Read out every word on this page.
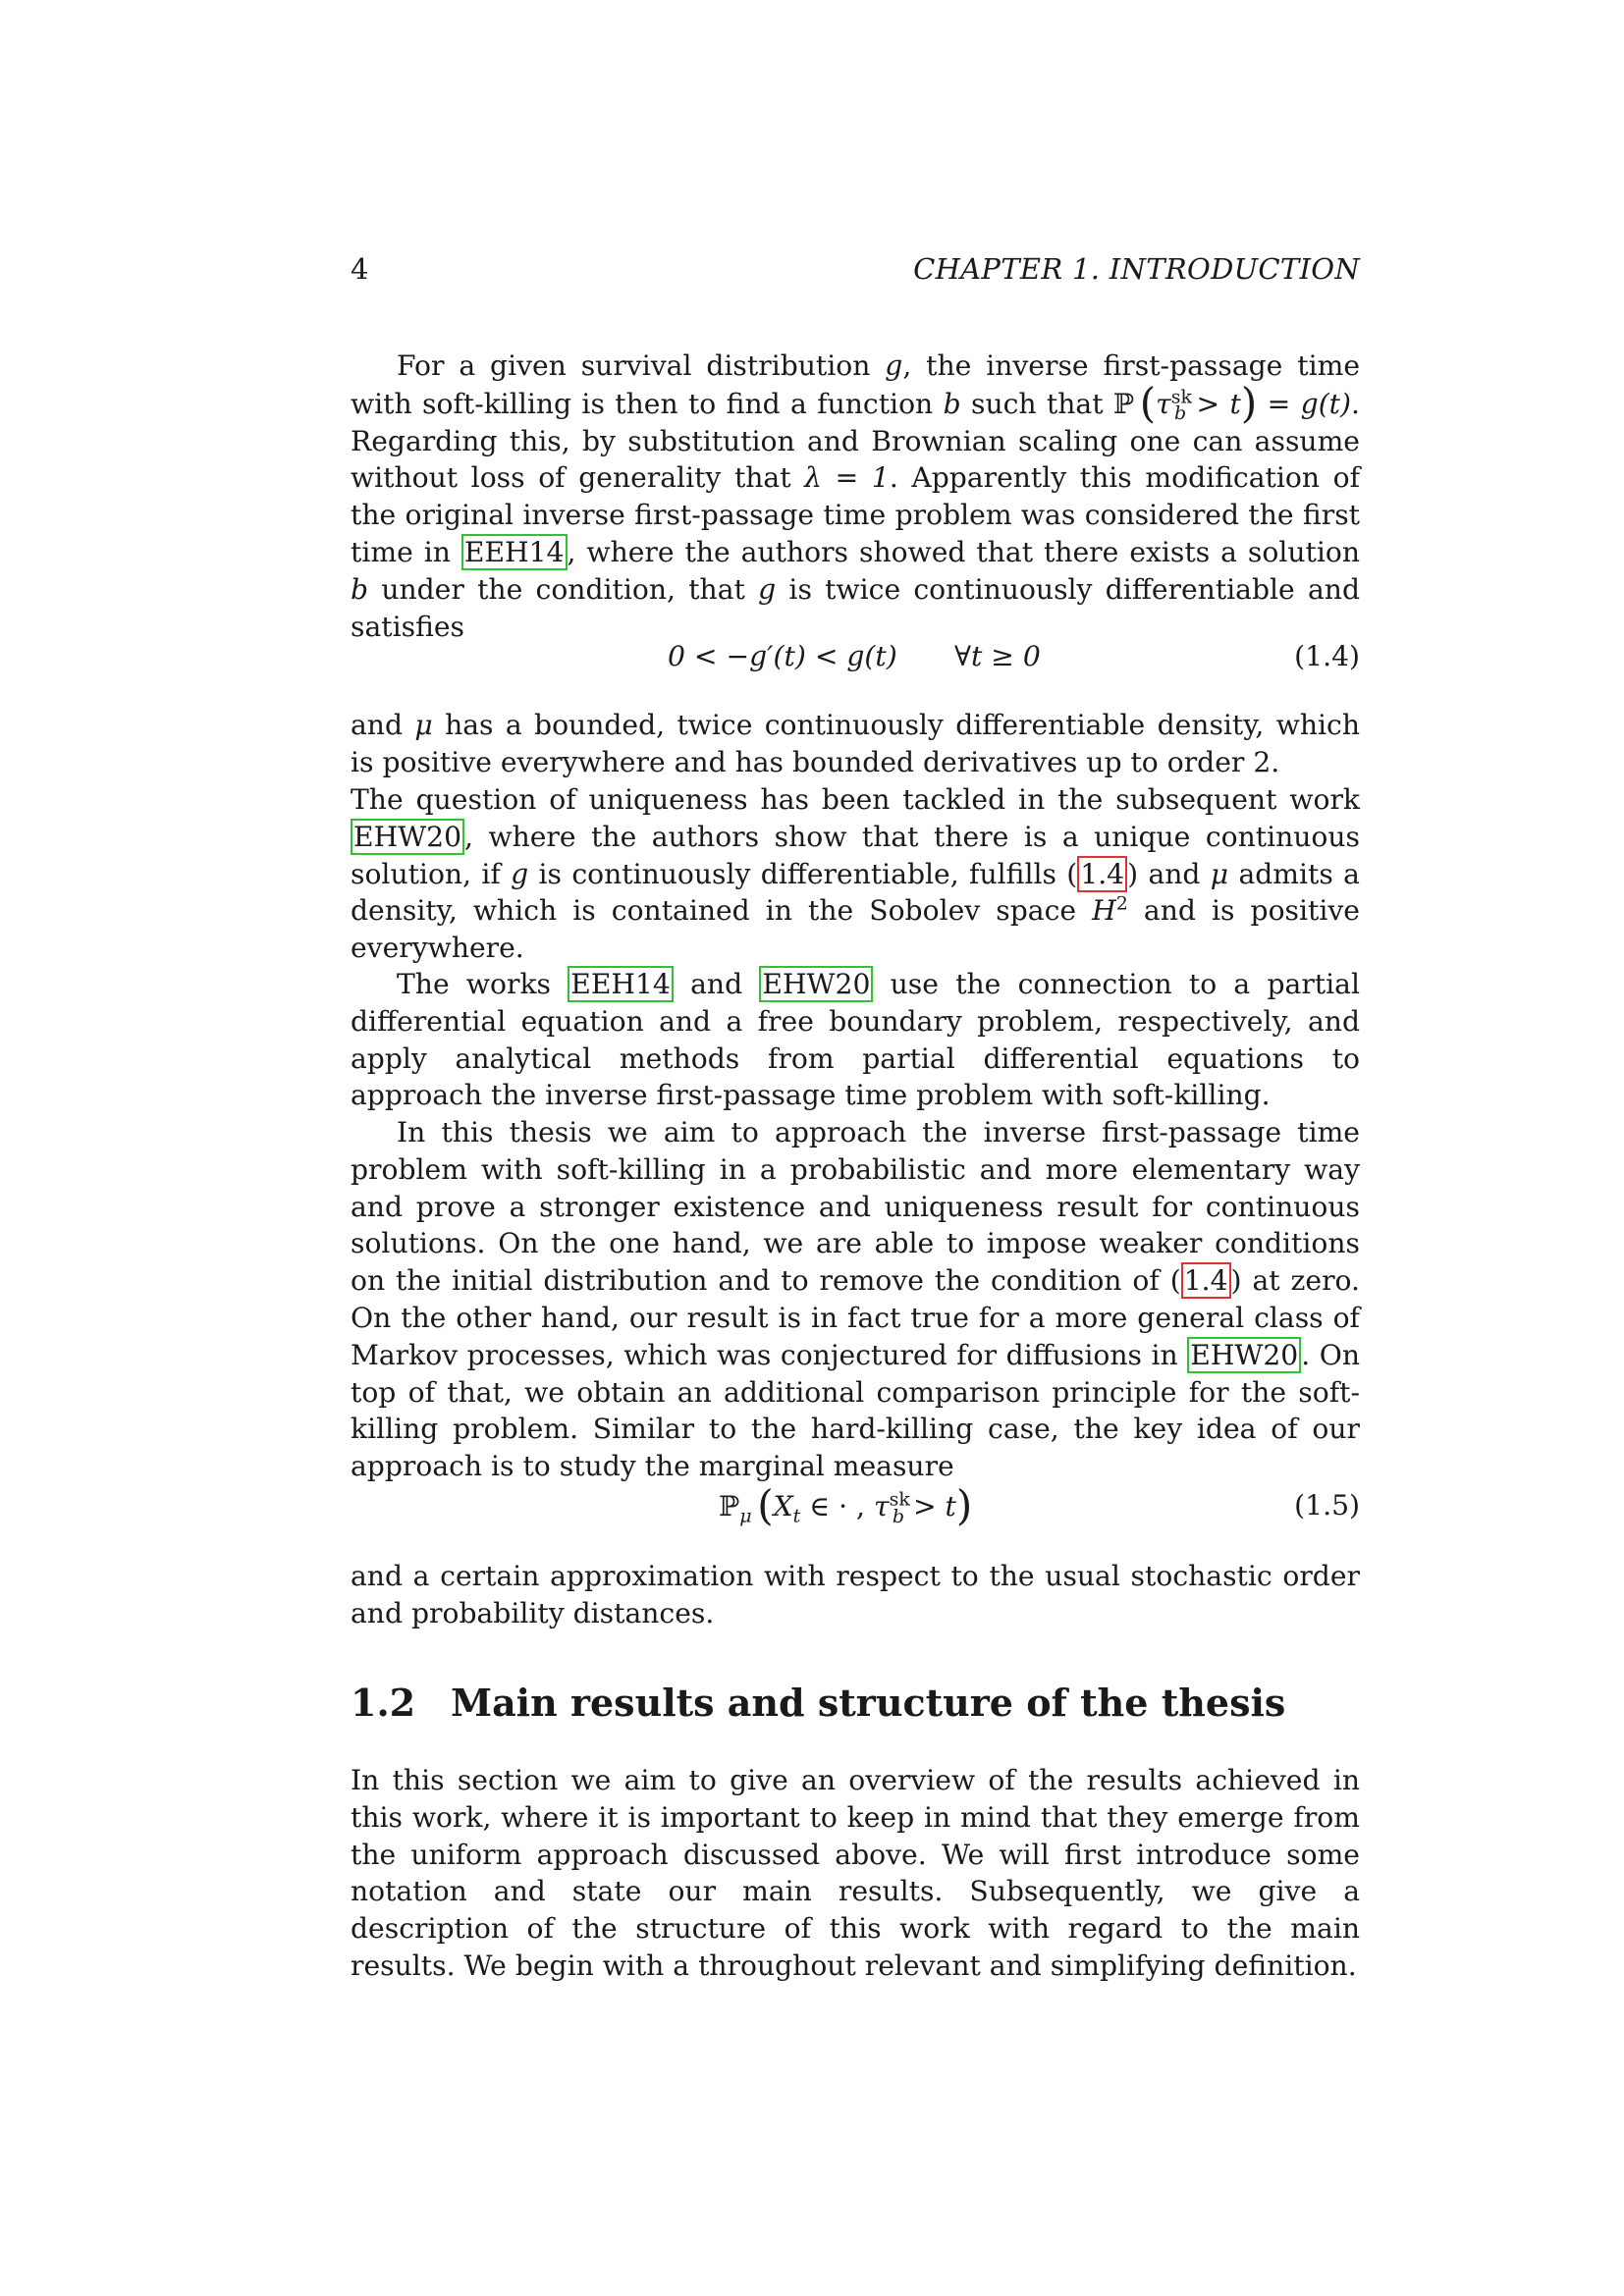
4	CHAPTER 1. INTRODUCTION

For a given survival distribution g, the inverse first-passage time with soft-killing is then to find a function b such that ℙ  $(\tau^{sk}_b > t) = g(t)$. Regarding this, by substitution and Brownian scaling one can assume without loss of generality that λ = 1. Apparently this modification of the original inverse first-passage time problem was considered the first time in EEH14 , where the authors showed that there exists a solution b under the condition, that g is twice continuously differentiable and satisfies

0 < −g′(t) < g(t) ∀t ≥ 0	(1.4)

and μ has a bounded, twice continuously differentiable density, which is positive everywhere and has bounded derivatives up to order 2.

The question of uniqueness has been tackled in the subsequent work EHW20 , where the authors show that there is a unique continuous solution, if g is continuously differentiable, fulfills ( 1.4 ) and μ admits a density, which is contained in the Sobolev space $H^2$ and is positive everywhere.

The works EEH14 and EHW20 use the connection to a partial differential equation and a free boundary problem, respectively, and apply analytical methods from partial differential equations to approach the inverse first-passage time problem with soft-killing.

In this thesis we aim to approach the inverse first-passage time problem with soft-killing in a probabilistic and more elementary way and prove a stronger existence and uniqueness result for continuous solutions. On the one hand, we are able to impose weaker conditions on the initial distribution and to remove the condition of ( 1.4 ) at zero. On the other hand, our result is in fact true for a more general class of Markov processes, which was conjectured for diffusions in EHW20 . On top of that, we obtain an additional comparison principle for the soft-killing problem. Similar to the hard-killing case, the key idea of our approach is to study the marginal measure

ℙ$_\mu$  ($X_t$ ∈ · , $\tau^{sk}_b > t$)	(1.5)

and a certain approximation with respect to the usual stochastic order and probability distances.

1.2 Main results and structure of the thesis

In this section we aim to give an overview of the results achieved in this work, where it is important to keep in mind that they emerge from the uniform approach discussed above. We will first introduce some notation and state our main results. Subsequently, we give a description of the structure of this work with regard to the main results. We begin with a throughout relevant and simplifying definition.
